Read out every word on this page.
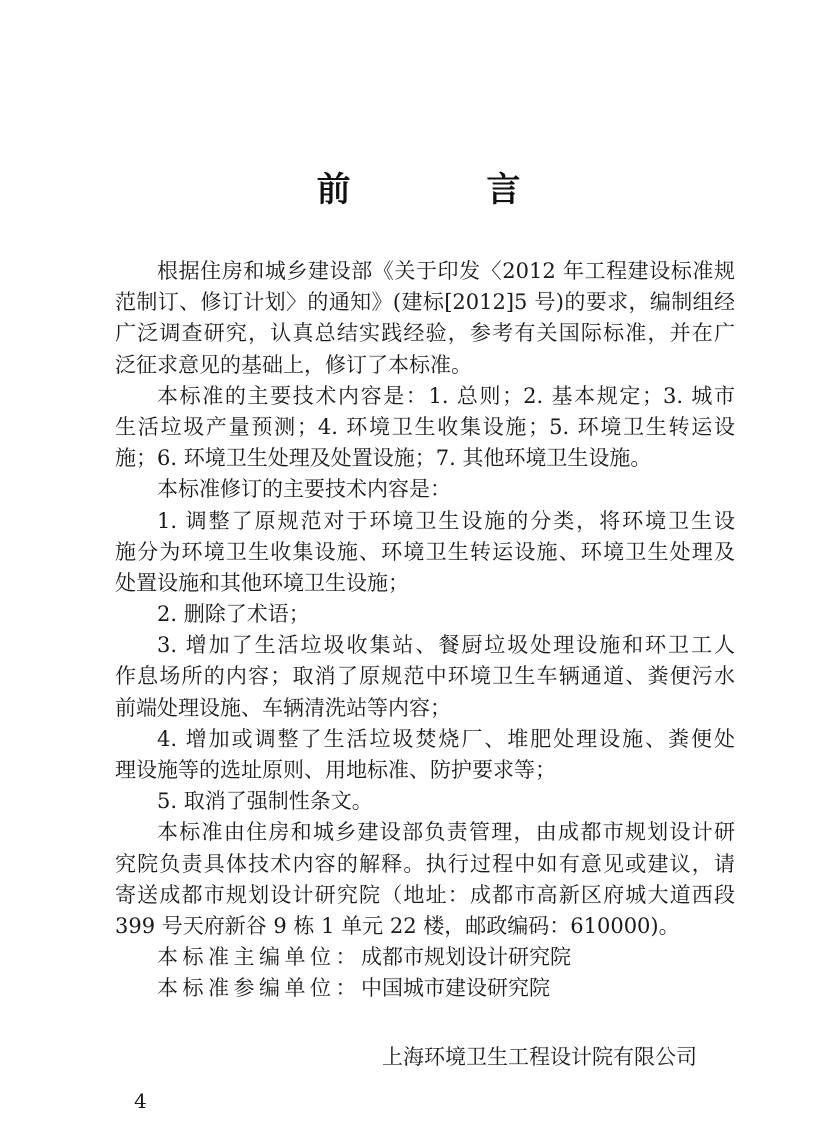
前 言
根据住房和城乡建设部《关于印发〈2012 年工程建设标准规
范制订、修订计划〉的通知》(建标[2012]5 号)的要求，编制组经
广泛调查研究，认真总结实践经验，参考有关国际标准，并在广
泛征求意见的基础上，修订了本标准。
本标准的主要技术内容是：1. 总则；2. 基本规定；3. 城市
生活垃圾产量预测；4. 环境卫生收集设施；5. 环境卫生转运设
施；6. 环境卫生处理及处置设施；7. 其他环境卫生设施。
本标准修订的主要技术内容是：
1. 调整了原规范对于环境卫生设施的分类，将环境卫生设
施分为环境卫生收集设施、环境卫生转运设施、环境卫生处理及
处置设施和其他环境卫生设施；
2. 删除了术语；
3. 增加了生活垃圾收集站、餐厨垃圾处理设施和环卫工人
作息场所的内容；取消了原规范中环境卫生车辆通道、粪便污水
前端处理设施、车辆清洗站等内容；
4. 增加或调整了生活垃圾焚烧厂、堆肥处理设施、粪便处
理设施等的选址原则、用地标准、防护要求等；
5. 取消了强制性条文。
本标准由住房和城乡建设部负责管理，由成都市规划设计研
究院负责具体技术内容的解释。执行过程中如有意见或建议，请
寄送成都市规划设计研究院（地址：成都市高新区府城大道西段
399 号天府新谷 9 栋 1 单元 22 楼，邮政编码：610000)。
本标准主编单位：成都市规划设计研究院
本标准参编单位：中国城市建设研究院
上海环境卫生工程设计院有限公司
4
